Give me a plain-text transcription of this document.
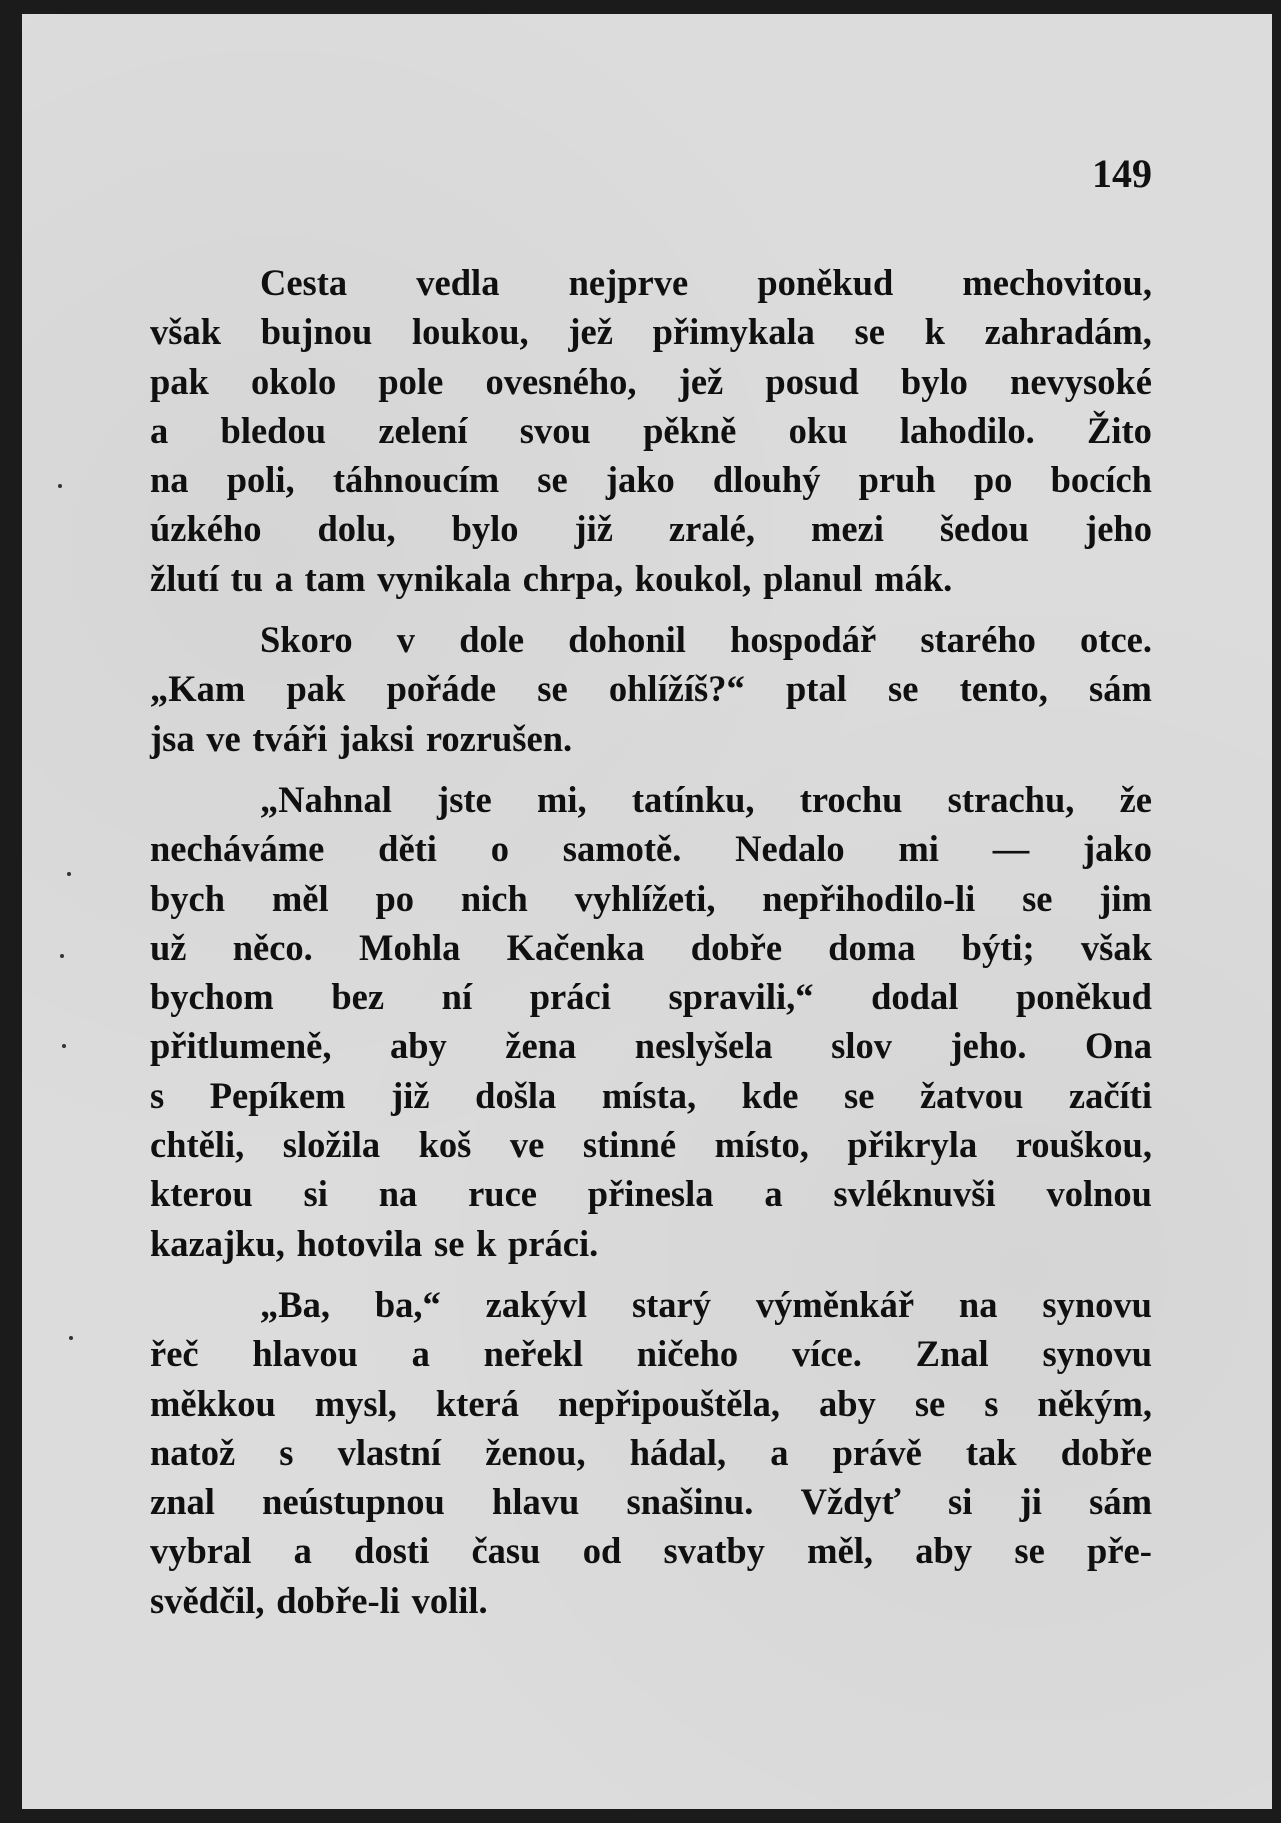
149
Cesta vedla nejprve poněkud mechovitou,
však bujnou loukou, jež přimykala se k zahradám,
pak okolo pole ovesného, jež posud bylo nevysoké
a bledou zelení svou pěkně oku lahodilo. Žito
na poli, táhnoucím se jako dlouhý pruh po bocích
úzkého dolu, bylo již zralé, mezi šedou jeho
žlutí tu a tam vynikala chrpa, koukol, planul mák.
Skoro v dole dohonil hospodář starého otce.
„Kam pak pořáde se ohlížíš?“ ptal se tento, sám
jsa ve tváři jaksi rozrušen.
„Nahnal jste mi, tatínku, trochu strachu, že
necháváme děti o samotě. Nedalo mi — jako
bych měl po nich vyhlížeti, nepřihodilo-li se jim
už něco. Mohla Kačenka dobře doma býti; však
bychom bez ní práci spravili,“ dodal poněkud
přitlumeně, aby žena neslyšela slov jeho. Ona
s Pepíkem již došla místa, kde se žatvou začíti
chtěli, složila koš ve stinné místo, přikryla rouškou,
kterou si na ruce přinesla a svléknuvši volnou
kazajku, hotovila se k práci.
„Ba, ba,“ zakývl starý výměnkář na synovu
řeč hlavou a neřekl ničeho více. Znal synovu
měkkou mysl, která nepřipouštěla, aby se s někým,
natož s vlastní ženou, hádal, a právě tak dobře
znal neústupnou hlavu snašinu. Vždyť si ji sám
vybral a dosti času od svatby měl, aby se pře-
svědčil, dobře-li volil.
